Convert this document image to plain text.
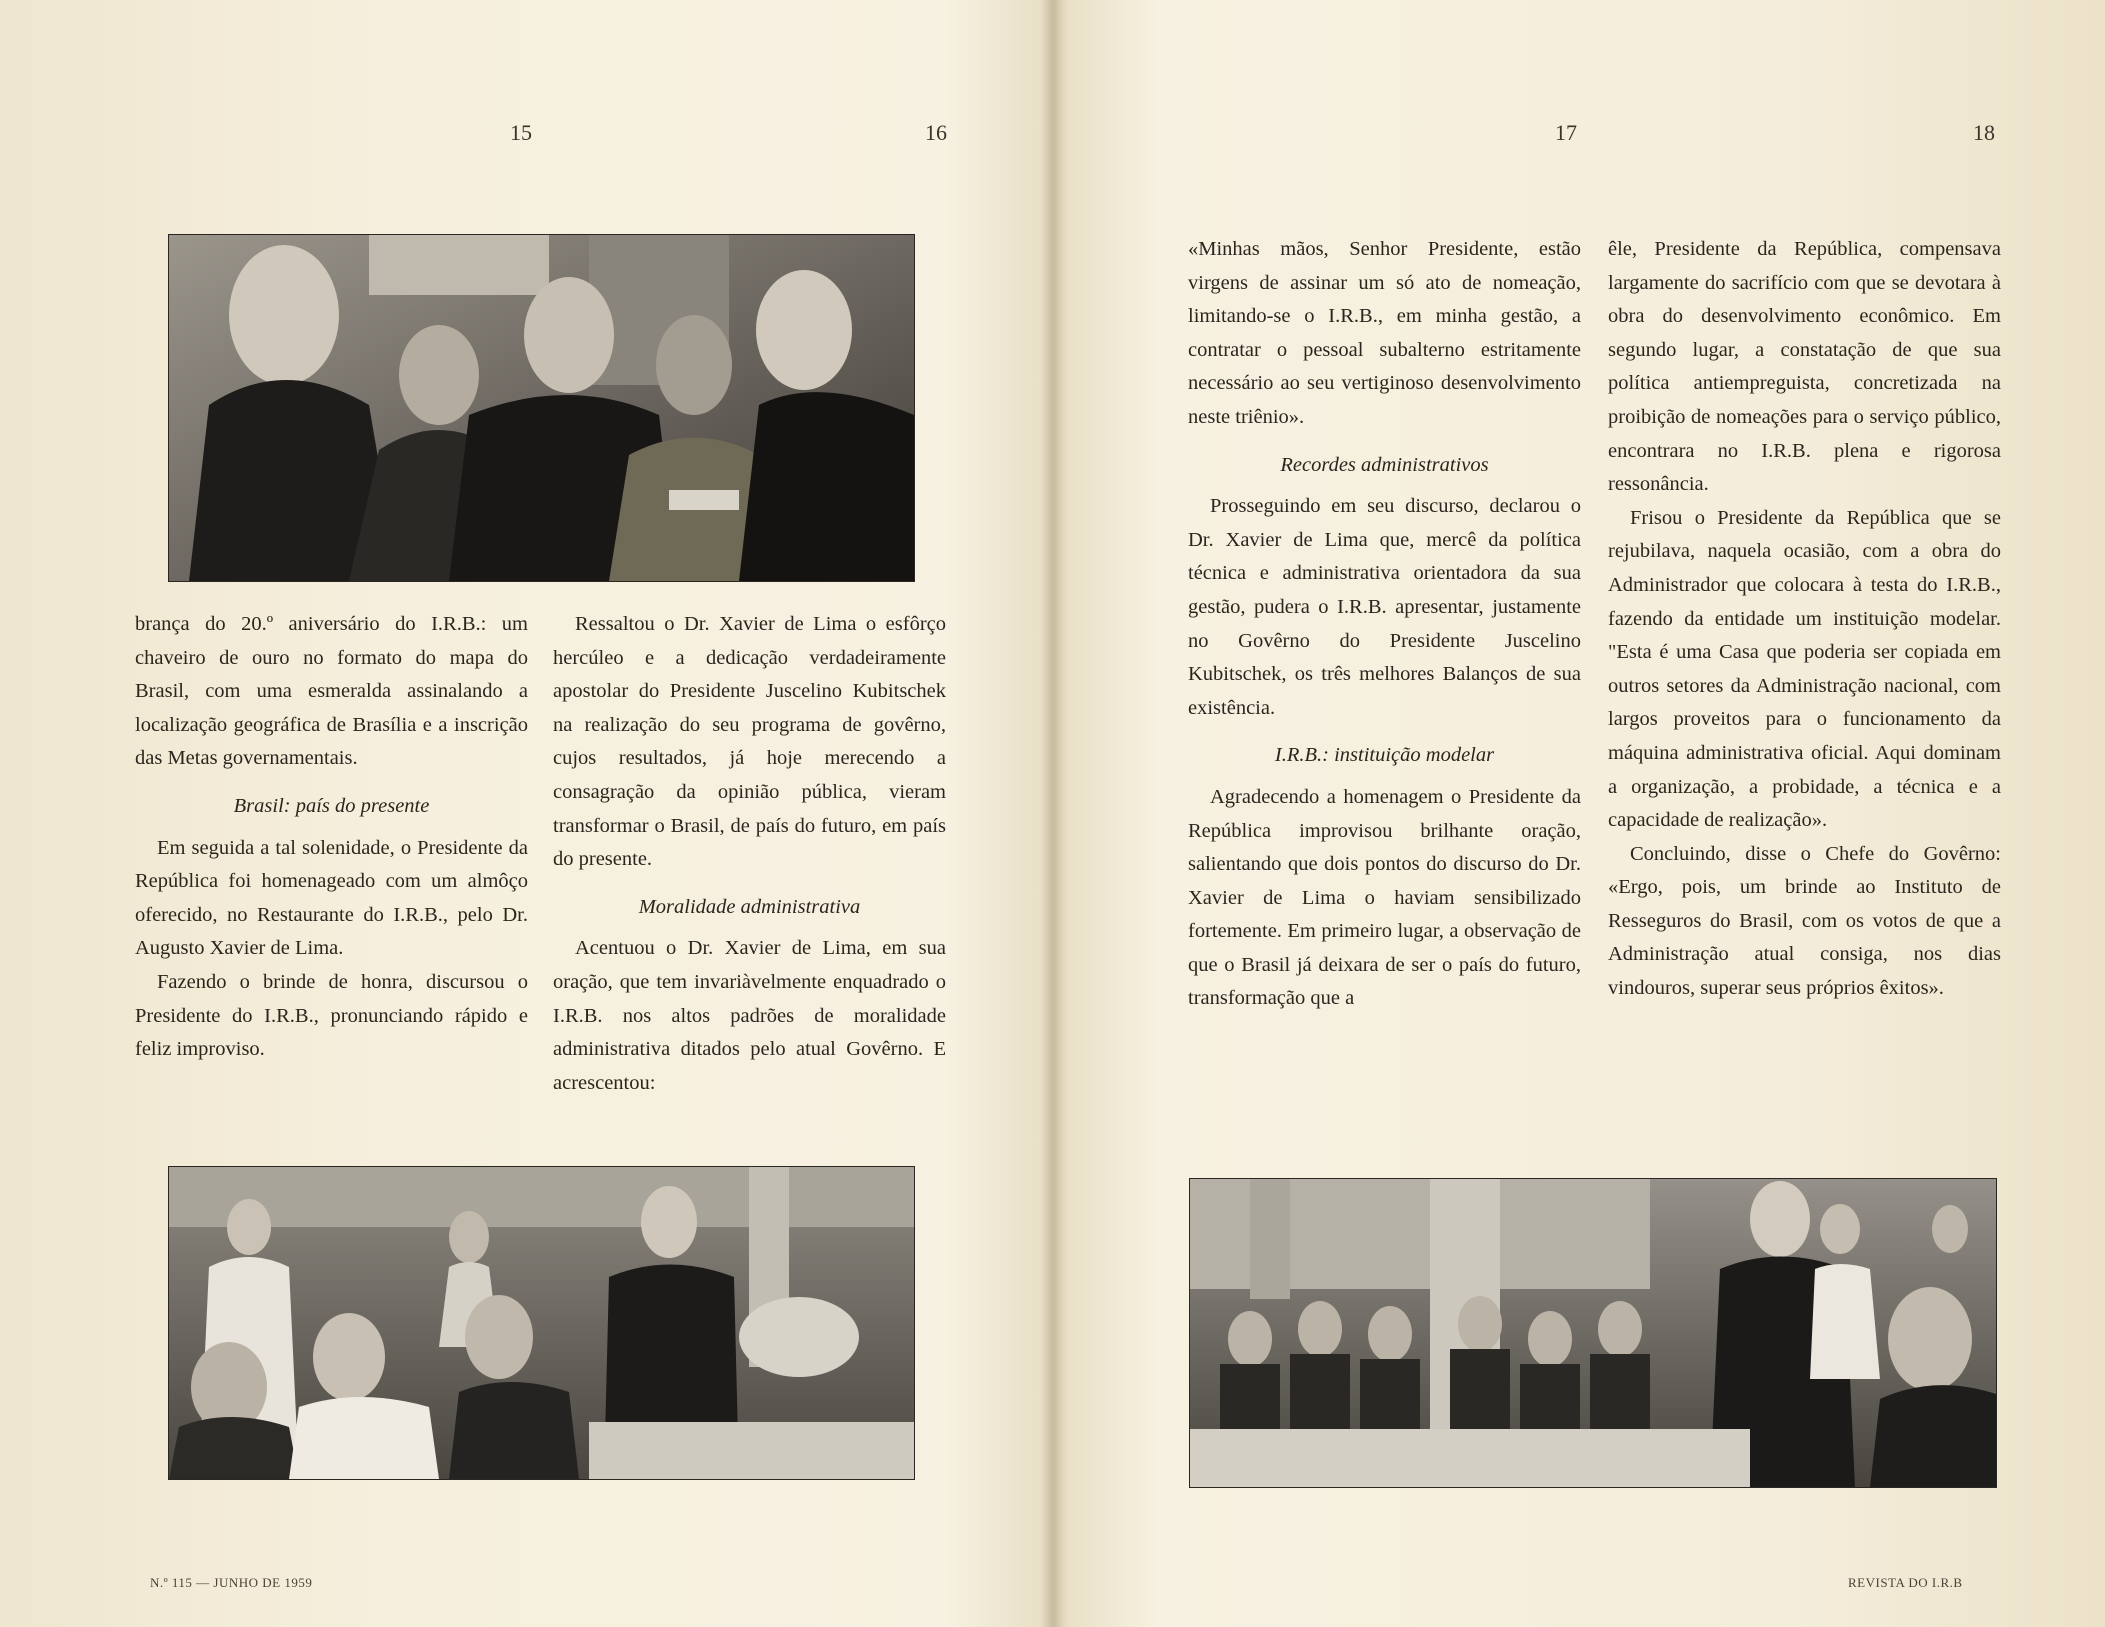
15	16	17	18

brança do 20.º aniversário do I.R.B.: um chaveiro de ouro no formato do mapa do Brasil, com uma esmeralda assinalando a localização geográfica de Brasília e a inscrição das Metas governamentais.

Brasil: país do presente

Em seguida a tal solenidade, o Presidente da República foi homenageado com um almôço oferecido, no Restaurante do I.R.B., pelo Dr. Augusto Xavier de Lima.

Fazendo o brinde de honra, discursou o Presidente do I.R.B., pronunciando rápido e feliz improviso.

Ressaltou o Dr. Xavier de Lima o esfôrço hercúleo e a dedicação verdadeiramente apostolar do Presidente Juscelino Kubitschek na realização do seu programa de govêrno, cujos resultados, já hoje merecendo a consagração da opinião pública, vieram transformar o Brasil, de país do futuro, em país do presente.

Moralidade administrativa

Acentuou o Dr. Xavier de Lima, em sua oração, que tem invariàvelmente enquadrado o I.R.B. nos altos padrões de moralidade administrativa ditados pelo atual Govêrno. E acrescentou:

«Minhas mãos, Senhor Presidente, estão virgens de assinar um só ato de nomeação, limitando-se o I.R.B., em minha gestão, a contratar o pessoal subalterno estritamente necessário ao seu vertiginoso desenvolvimento neste triênio».

Recordes administrativos

Prosseguindo em seu discurso, declarou o Dr. Xavier de Lima que, mercê da política técnica e administrativa orientadora da sua gestão, pudera o I.R.B. apresentar, justamente no Govêrno do Presidente Juscelino Kubitschek, os três melhores Balanços de sua existência.

I.R.B.: instituição modelar

Agradecendo a homenagem o Presidente da República improvisou brilhante oração, salientando que dois pontos do discurso do Dr. Xavier de Lima o haviam sensibilizado fortemente. Em primeiro lugar, a observação de que o Brasil já deixara de ser o país do futuro, transformação que a

êle, Presidente da República, compensava largamente do sacrifício com que se devotara à obra do desenvolvimento econômico. Em segundo lugar, a constatação de que sua política antiempreguista, concretizada na proibição de nomeações para o serviço público, encontrara no I.R.B. plena e rigorosa ressonância.

Frisou o Presidente da República que se rejubilava, naquela ocasião, com a obra do Administrador que colocara à testa do I.R.B., fazendo da entidade um instituição modelar. "Esta é uma Casa que poderia ser copiada em outros setores da Administração nacional, com largos proveitos para o funcionamento da máquina administrativa oficial. Aqui dominam a organização, a probidade, a técnica e a capacidade de realização».

Concluindo, disse o Chefe do Govêrno: «Ergo, pois, um brinde ao Instituto de Resseguros do Brasil, com os votos de que a Administração atual consiga, nos dias vindouros, superar seus próprios êxitos».

N.º 115 — JUNHO DE 1959	REVISTA DO I.R.B
